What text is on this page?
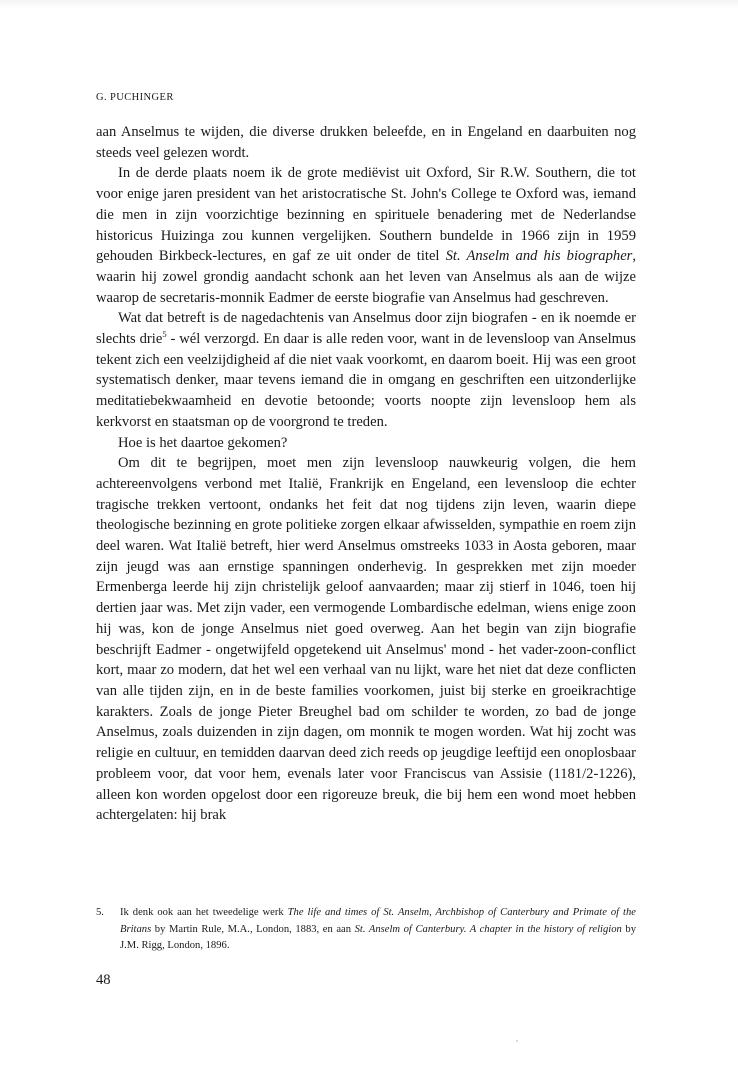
G. PUCHINGER

aan Anselmus te wijden, die diverse drukken beleefde, en in Engeland en daarbuiten nog steeds veel gelezen wordt.

In de derde plaats noem ik de grote mediëvist uit Oxford, Sir R.W. Southern, die tot voor enige jaren president van het aristocratische St. John's College te Oxford was, iemand die men in zijn voorzichtige bezinning en spirituele benadering met de Nederlandse historicus Huizinga zou kunnen vergelijken. Southern bundelde in 1966 zijn in 1959 gehouden Birkbeck-lectures, en gaf ze uit onder de titel St. Anselm and his biographer, waarin hij zowel grondig aandacht schonk aan het leven van Anselmus als aan de wijze waarop de secretaris-monnik Eadmer de eerste biografie van Anselmus had geschreven.

Wat dat betreft is de nagedachtenis van Anselmus door zijn biografen - en ik noemde er slechts drie$^5$ - wél verzorgd. En daar is alle reden voor, want in de levensloop van Anselmus tekent zich een veelzijdigheid af die niet vaak voorkomt, en daarom boeit. Hij was een groot systematisch denker, maar tevens iemand die in omgang en geschriften een uitzonderlijke meditatiebekwaamheid en devotie betoonde; voorts noopte zijn levensloop hem als kerkvorst en staatsman op de voorgrond te treden.

Hoe is het daartoe gekomen?

Om dit te begrijpen, moet men zijn levensloop nauwkeurig volgen, die hem achtereenvolgens verbond met Italië, Frankrijk en Engeland, een levensloop die echter tragische trekken vertoont, ondanks het feit dat nog tijdens zijn leven, waarin diepe theologische bezinning en grote politieke zorgen elkaar afwisselden, sympathie en roem zijn deel waren. Wat Italië betreft, hier werd Anselmus omstreeks 1033 in Aosta geboren, maar zijn jeugd was aan ernstige spanningen onderhevig. In gesprekken met zijn moeder Ermenberga leerde hij zijn christelijk geloof aanvaarden; maar zij stierf in 1046, toen hij dertien jaar was. Met zijn vader, een vermogende Lombardische edelman, wiens enige zoon hij was, kon de jonge Anselmus niet goed overweg. Aan het begin van zijn biografie beschrijft Eadmer - ongetwijfeld opgetekend uit Anselmus' mond - het vader-zoon-conflict kort, maar zo modern, dat het wel een verhaal van nu lijkt, ware het niet dat deze conflicten van alle tijden zijn, en in de beste families voorkomen, juist bij sterke en groeikrachtige karakters. Zoals de jonge Pieter Breughel bad om schilder te worden, zo bad de jonge Anselmus, zoals duizenden in zijn dagen, om monnik te mogen worden. Wat hij zocht was religie en cultuur, en temidden daarvan deed zich reeds op jeugdige leeftijd een onoplosbaar probleem voor, dat voor hem, evenals later voor Franciscus van Assisie (1181/2-1226), alleen kon worden opgelost door een rigoreuze breuk, die bij hem een wond moet hebben achtergelaten: hij brak

5. Ik denk ook aan het tweedelige werk The life and times of St. Anselm, Archbishop of Canterbury and Primate of the Britans by Martin Rule, M.A., London, 1883, en aan St. Anselm of Canterbury. A chapter in the history of religion by J.M. Rigg, London, 1896.
48
